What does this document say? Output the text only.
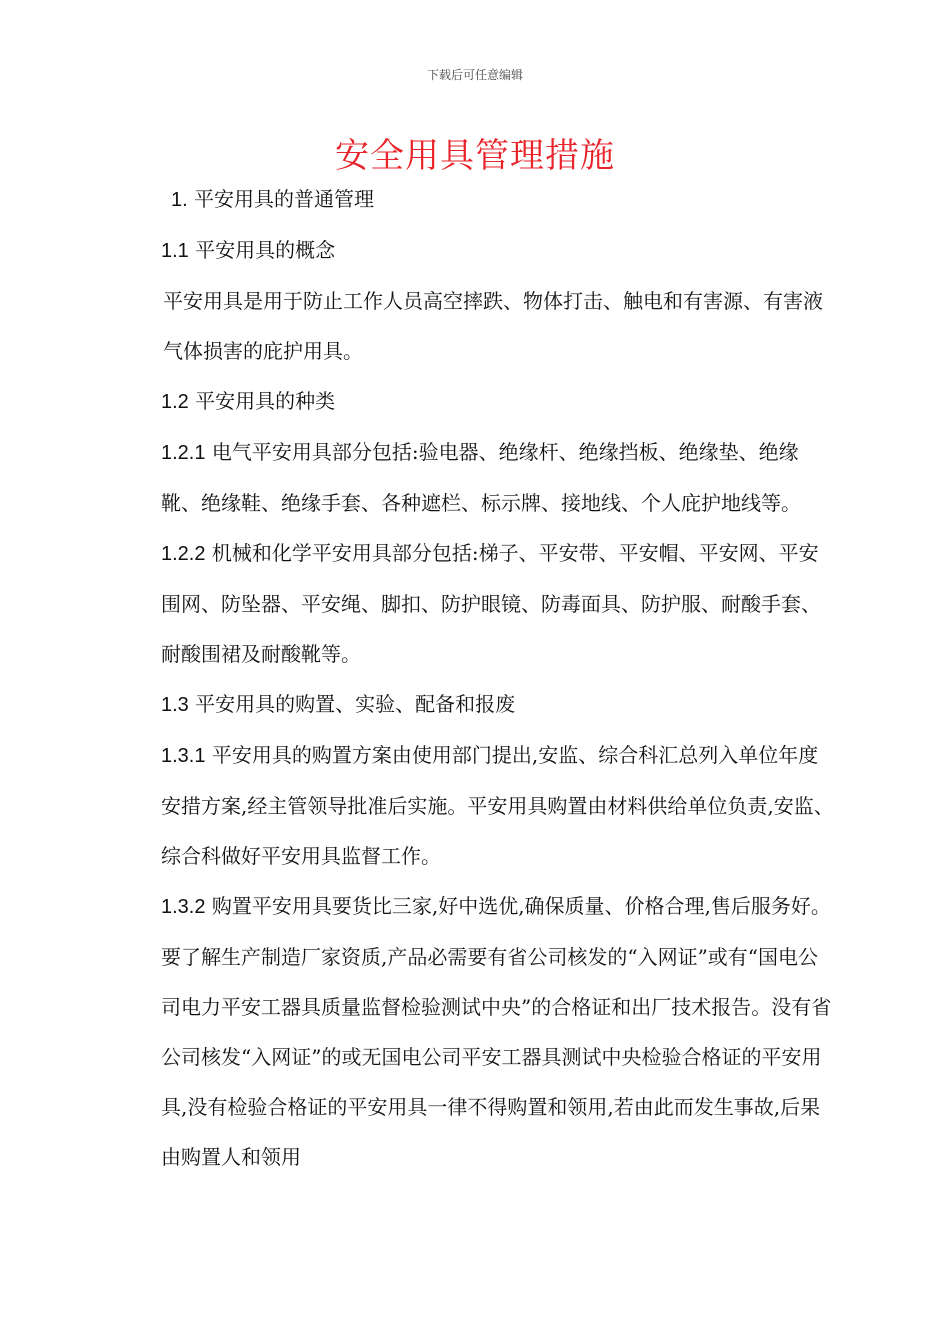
下载后可任意编辑
安全用具管理措施

1. 平安用具的普通管理

1.1 平安用具的概念

平安用具是用于防止工作人员高空摔跌、物体打击、触电和有害源、有害液气体损害的庇护用具。

1.2 平安用具的种类

1.2.1 电气平安用具部分包括:验电器、绝缘杆、绝缘挡板、绝缘垫、绝缘靴、绝缘鞋、绝缘手套、各种遮栏、标示牌、接地线、个人庇护地线等。

1.2.2 机械和化学平安用具部分包括:梯子、平安带、平安帽、平安网、平安围网、防坠器、平安绳、脚扣、防护眼镜、防毒面具、防护服、耐酸手套、耐酸围裙及耐酸靴等。

1.3 平安用具的购置、实验、配备和报废

1.3.1 平安用具的购置方案由使用部门提出,安监、综合科汇总列入单位年度安措方案,经主管领导批准后实施。平安用具购置由材料供给单位负责,安监、综合科做好平安用具监督工作。

1.3.2 购置平安用具要货比三家,好中选优,确保质量、价格合理,售后服务好。要了解生产制造厂家资质,产品必需要有省公司核发的“入网证”或有“国电公司电力平安工器具质量监督检验测试中央”的合格证和出厂技术报告。没有省公司核发“入网证”的或无国电公司平安工器具测试中央检验合格证的平安用具,没有检验合格证的平安用具一律不得购置和领用,若由此而发生事故,后果由购置人和领用
